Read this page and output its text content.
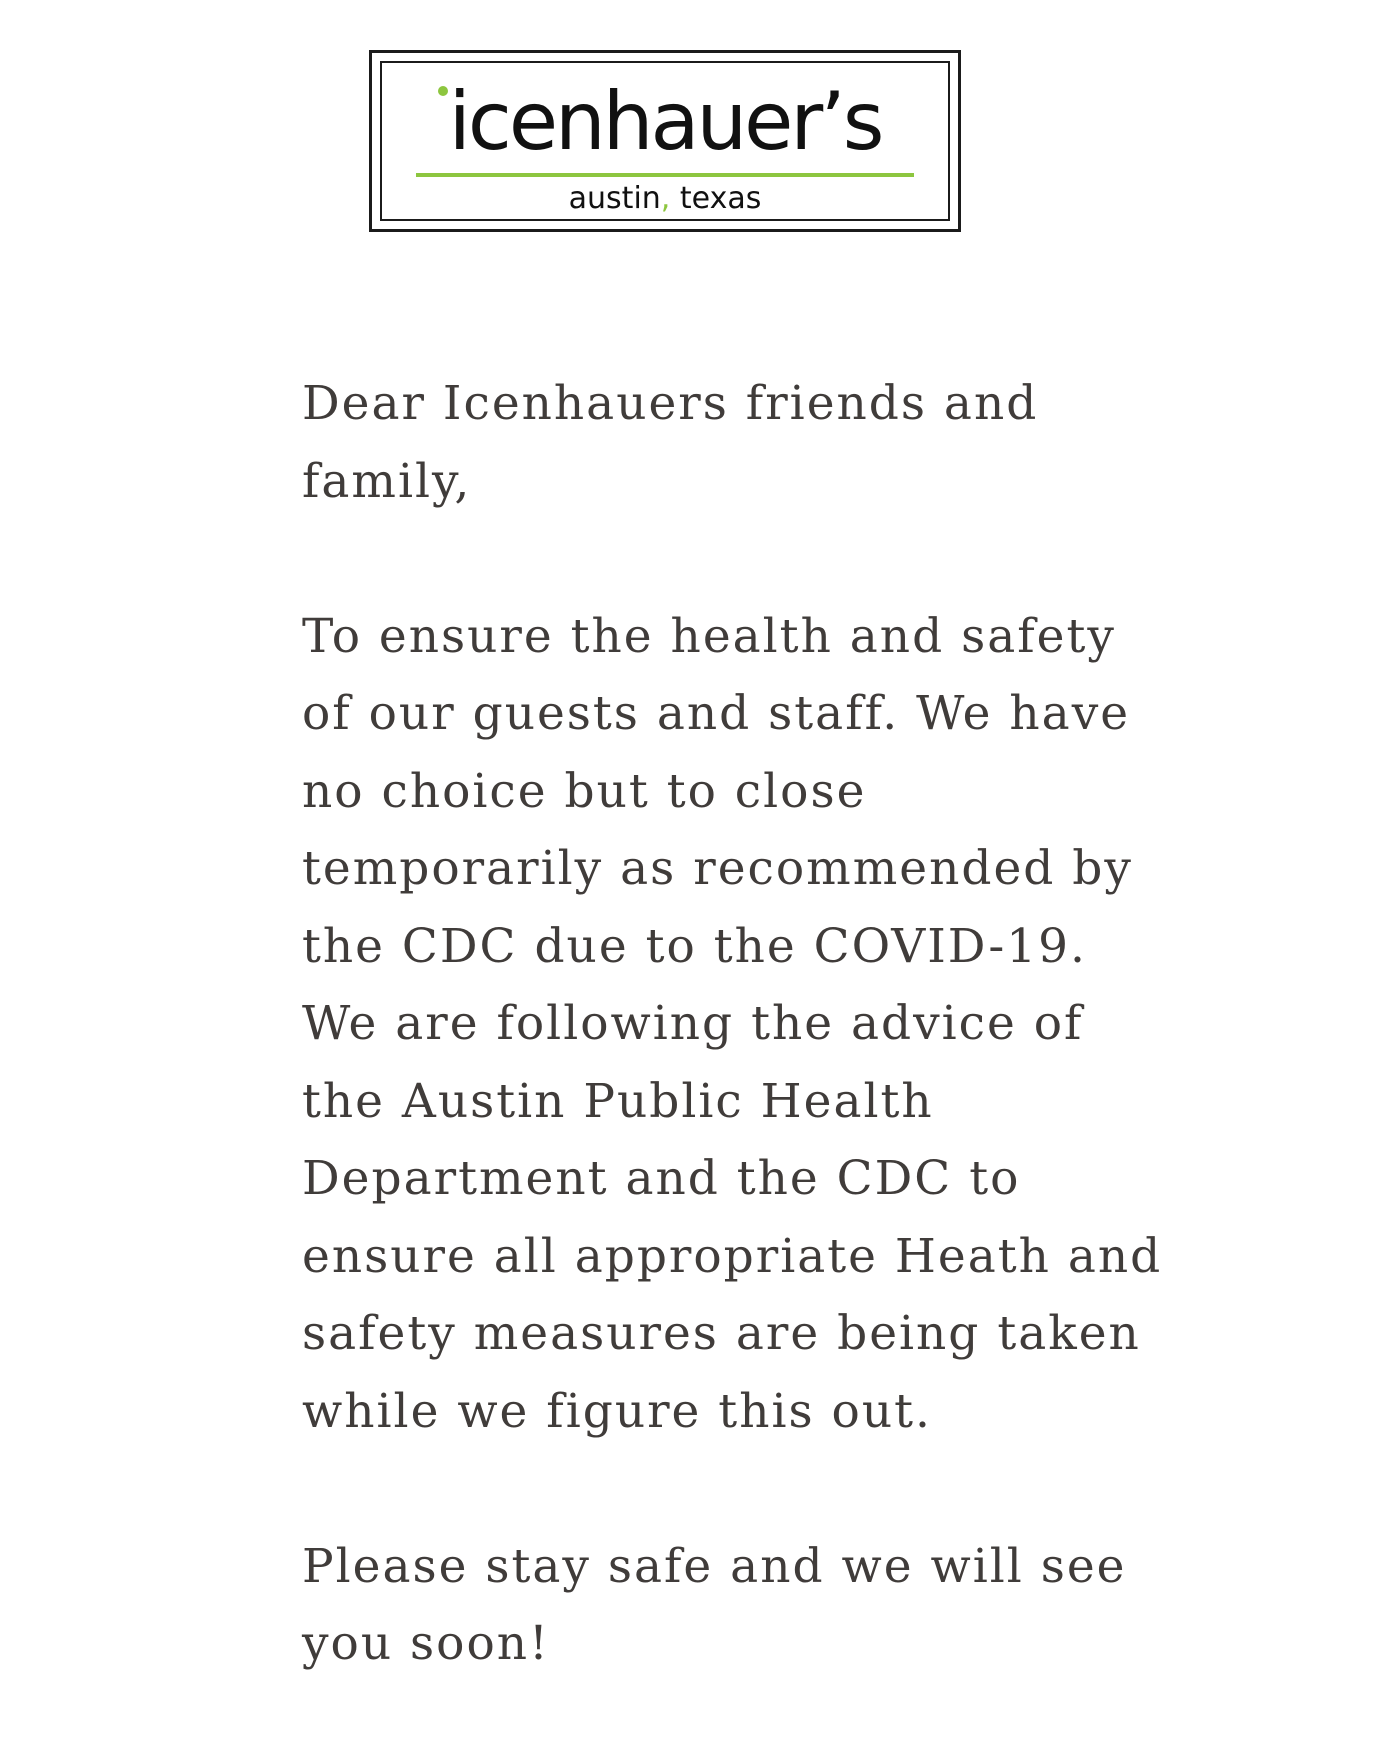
icenhauer’s
austin, texas

Dear Icenhauers friends and
family,

To ensure the health and safety
of our guests and staff. We have
no choice but to close
temporarily as recommended by
the CDC due to the COVID-19.
We are following the advice of
the Austin Public Health
Department and the CDC to
ensure all appropriate Heath and
safety measures are being taken
while we figure this out.

Please stay safe and we will see
you soon!
